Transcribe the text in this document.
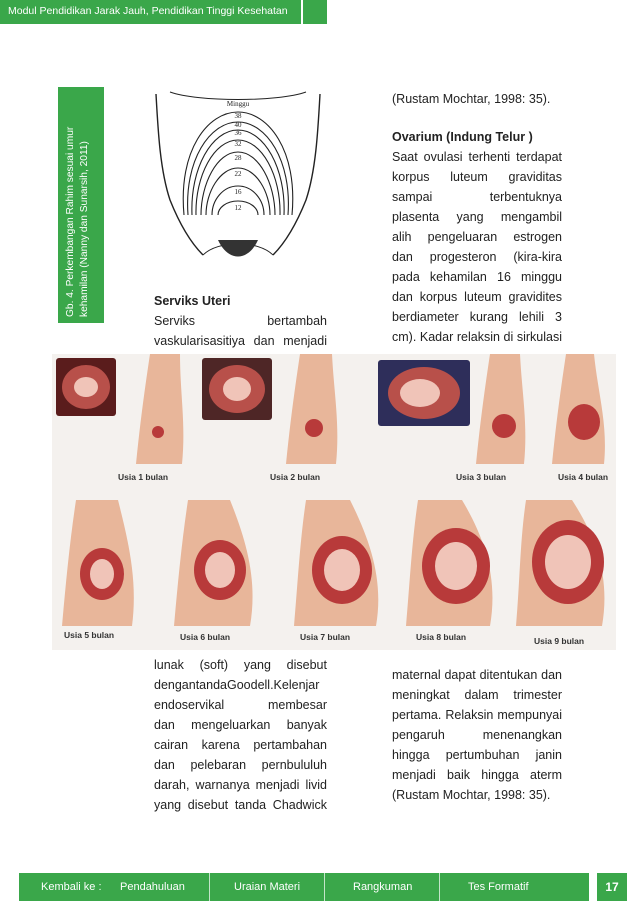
Modul Pendidikan Jarak Jauh, Pendidikan Tinggi Kesehatan
Gb. 4. Perkembangan Rahim sesuai umur kehamilan (Nanny dan Sunarsih, 2011)
Minggu
38
40
36
32
28
22
16
12
Serviks Uteri
Serviks bertambah
vaskularisasitiya dan menjadi
(Rustam Mochtar, 1998: 35).
Ovarium (Indung Telur )
Saat ovulasi terhenti terdapat
korpus luteum graviditas
sampai terbentuknya
plasenta yang mengambil
alih pengeluaran estrogen
dan progesteron (kira-kira
pada kehamilan 16 minggu
dan korpus luteum gravidites
berdiameter kurang lehili 3
cm). Kadar relaksin di sirkulasi
Usia 1 bulan	Usia 2 bulan	Usia 3 bulan	Usia 4 bulan
Usia 5 bulan	Usia 6 bulan	Usia 7 bulan	Usia 8 bulan	Usia 9 bulan
lunak (soft) yang disebut
dengantandaGoodell.Kelenjar
endoservikal membesar
dan mengeluarkan banyak
cairan karena pertambahan
dan pelebaran pernbululuh
darah, warnanya menjadi livid
yang disebut tanda Chadwick
maternal dapat ditentukan dan
meningkat dalam trimester
pertama. Relaksin mempunyai
pengaruh menenangkan
hingga pertumbuhan janin
menjadi baik hingga aterm
(Rustam Mochtar, 1998: 35).
Kembali ke : Pendahuluan	Uraian Materi	Rangkuman	Tes Formatif	17
